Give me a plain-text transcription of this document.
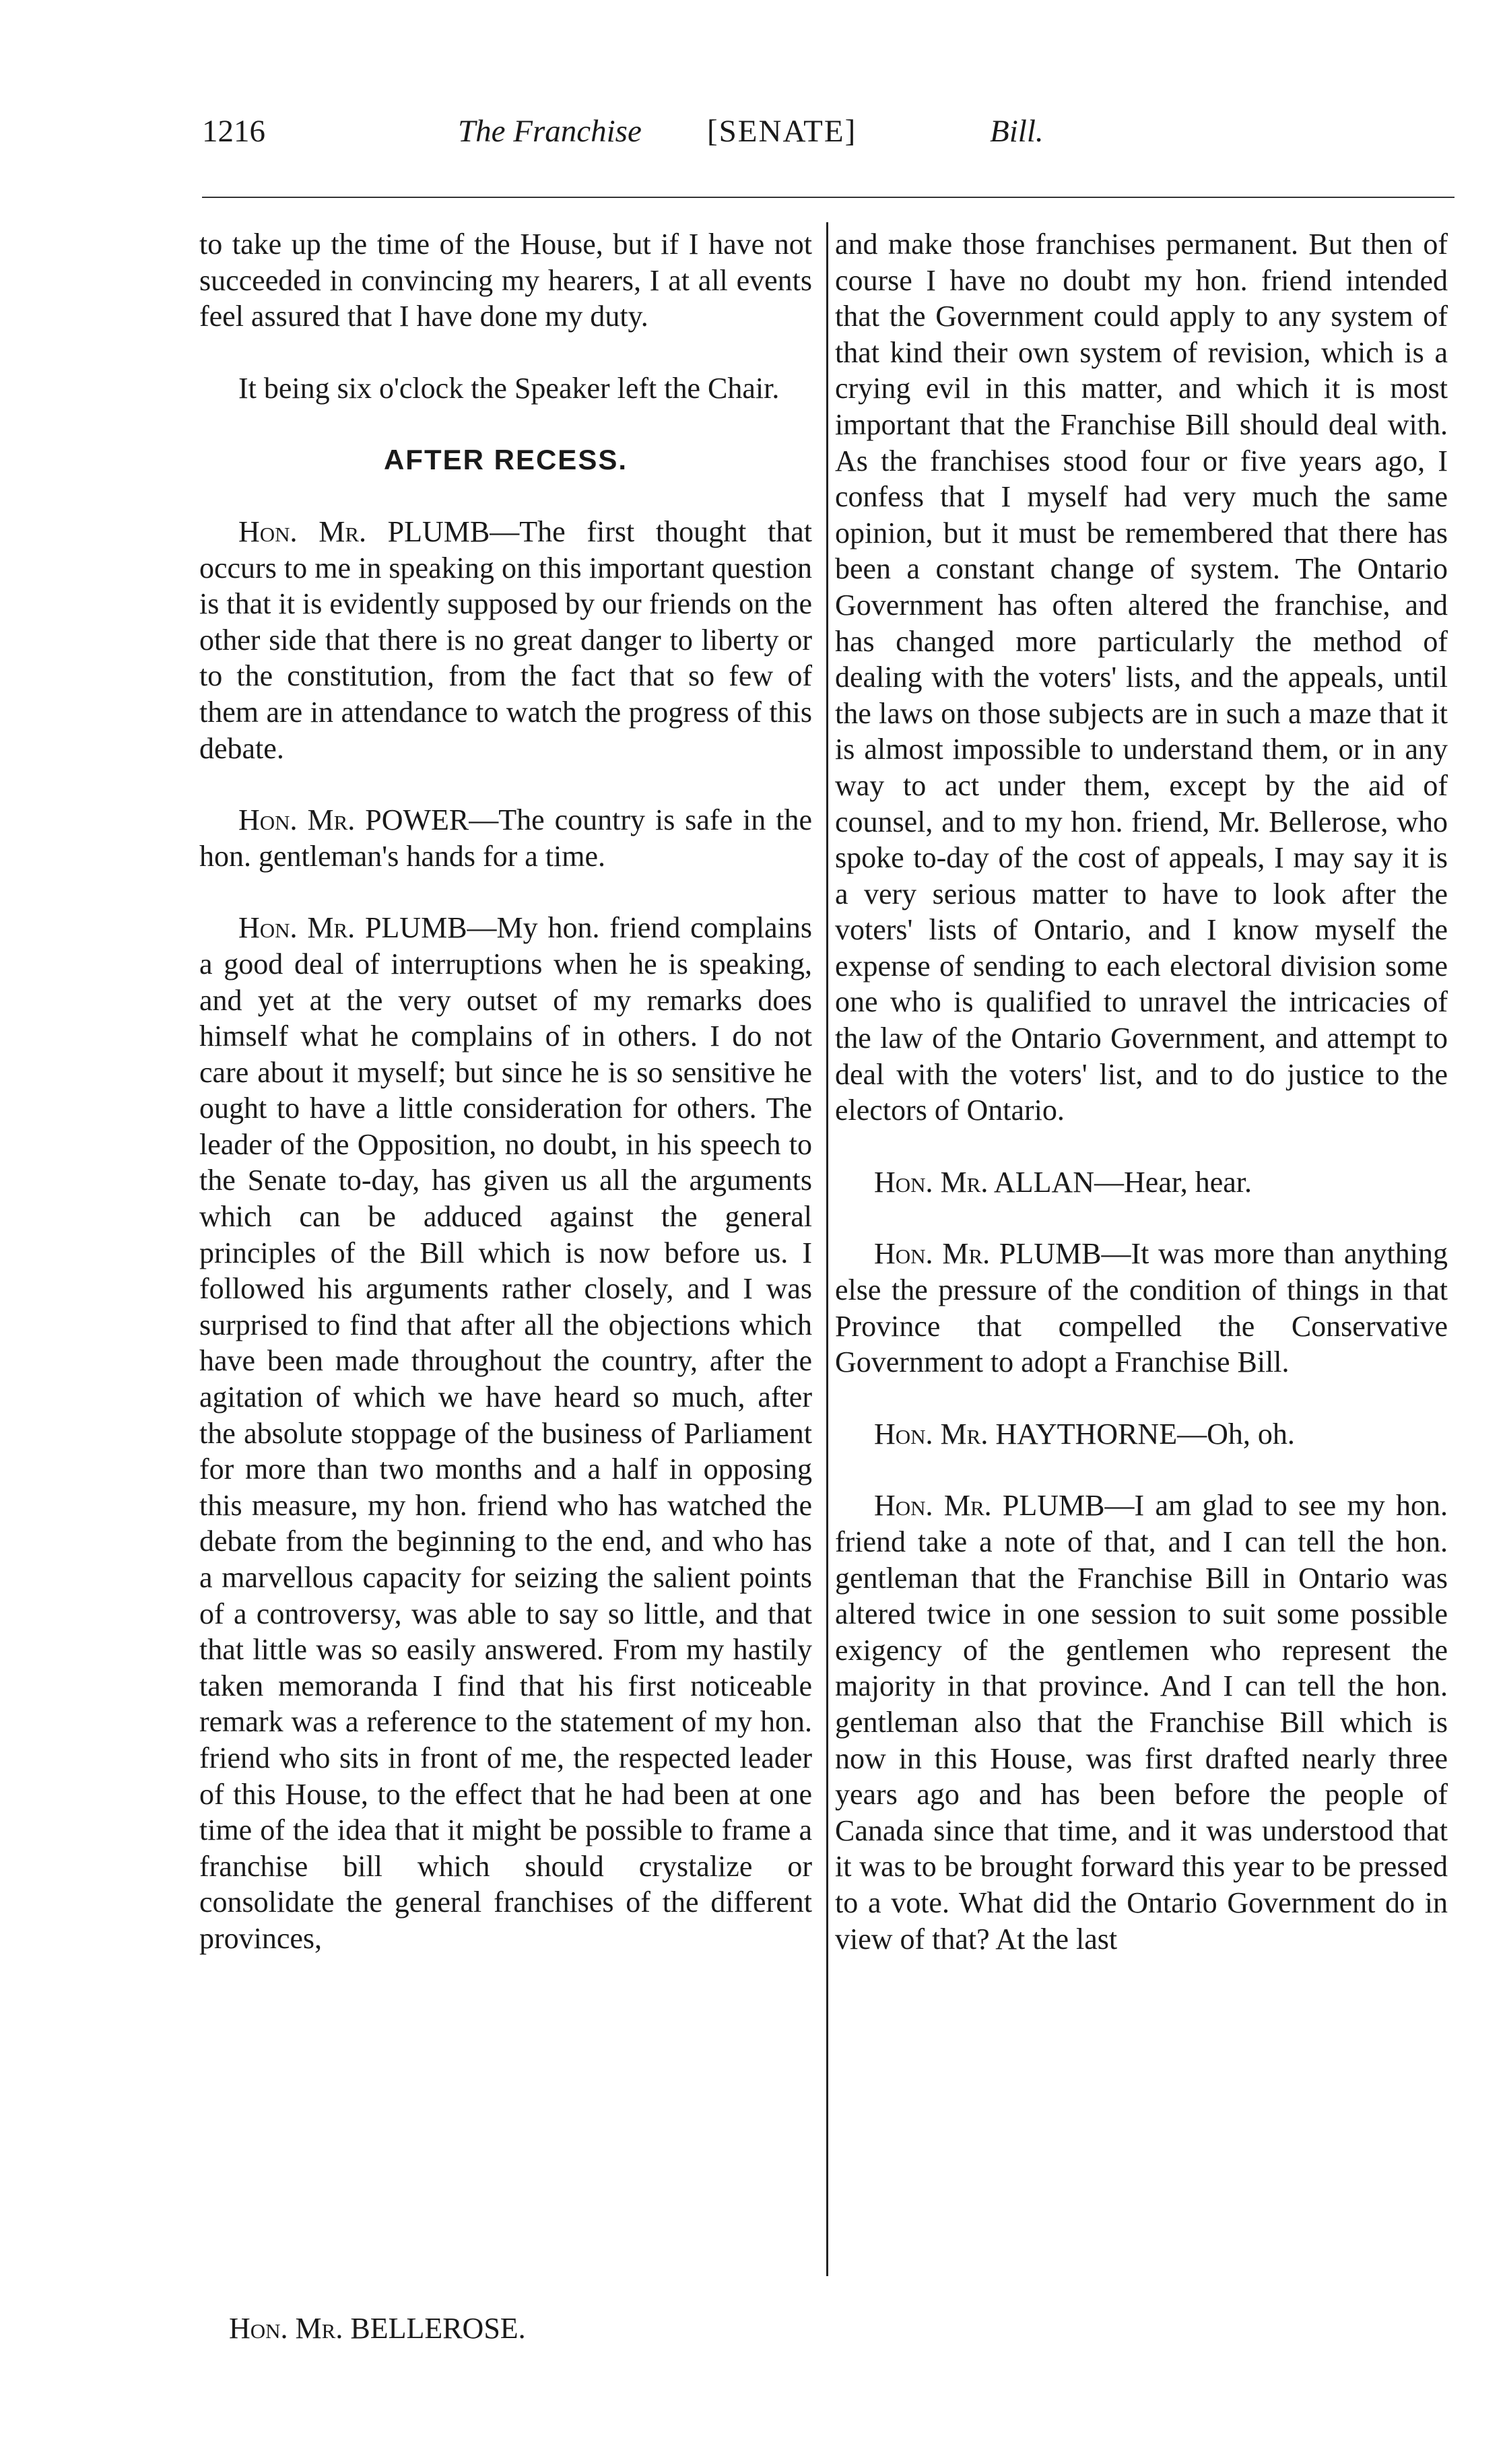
1216	The Franchise [SENATE]	Bill.

to take up the time of the House, but if I have not succeeded in convincing my hearers, I at all events feel assured that I have done my duty.

It being six o'clock the Speaker left the Chair.

AFTER RECESS.

Hon. Mr. PLUMB—The first thought that occurs to me in speaking on this important question is that it is evidently supposed by our friends on the other side that there is no great danger to liberty or to the constitution, from the fact that so few of them are in attendance to watch the progress of this debate.

Hon. Mr. POWER—The country is safe in the hon. gentleman's hands for a time.

Hon. Mr. PLUMB—My hon. friend complains a good deal of interruptions when he is speaking, and yet at the very outset of my remarks does himself what he complains of in others. I do not care about it myself; but since he is so sensitive he ought to have a little consideration for others. The leader of the Opposition, no doubt, in his speech to the Senate to-day, has given us all the arguments which can be adduced against the general principles of the Bill which is now before us. I followed his arguments rather closely, and I was surprised to find that after all the objections which have been made throughout the country, after the agitation of which we have heard so much, after the absolute stoppage of the business of Parliament for more than two months and a half in opposing this measure, my hon. friend who has watched the debate from the beginning to the end, and who has a marvellous capacity for seizing the salient points of a controversy, was able to say so little, and that that little was so easily answered. From my hastily taken memoranda I find that his first noticeable remark was a reference to the statement of my hon. friend who sits in front of me, the respected leader of this House, to the effect that he had been at one time of the idea that it might be possible to frame a franchise bill which should crystalize or consolidate the general franchises of the different provinces,

and make those franchises permanent. But then of course I have no doubt my hon. friend intended that the Government could apply to any system of that kind their own system of revision, which is a crying evil in this matter, and which it is most important that the Franchise Bill should deal with. As the franchises stood four or five years ago, I confess that I myself had very much the same opinion, but it must be remembered that there has been a constant change of system. The Ontario Government has often altered the franchise, and has changed more particularly the method of dealing with the voters' lists, and the appeals, until the laws on those subjects are in such a maze that it is almost impossible to understand them, or in any way to act under them, except by the aid of counsel, and to my hon. friend, Mr. Bellerose, who spoke to-day of the cost of appeals, I may say it is a very serious matter to have to look after the voters' lists of Ontario, and I know myself the expense of sending to each electoral division some one who is qualified to unravel the intricacies of the law of the Ontario Government, and attempt to deal with the voters' list, and to do justice to the electors of Ontario.

Hon. Mr. ALLAN—Hear, hear.

Hon. Mr. PLUMB—It was more than anything else the pressure of the condition of things in that Province that compelled the Conservative Government to adopt a Franchise Bill.

Hon. Mr. HAYTHORNE—Oh, oh.

Hon. Mr. PLUMB—I am glad to see my hon. friend take a note of that, and I can tell the hon. gentleman that the Franchise Bill in Ontario was altered twice in one session to suit some possible exigency of the gentlemen who represent the majority in that province. And I can tell the hon. gentleman also that the Franchise Bill which is now in this House, was first drafted nearly three years ago and has been before the people of Canada since that time, and it was understood that it was to be brought forward this year to be pressed to a vote. What did the Ontario Government do in view of that? At the last

Hon. Mr. BELLEROSE.
